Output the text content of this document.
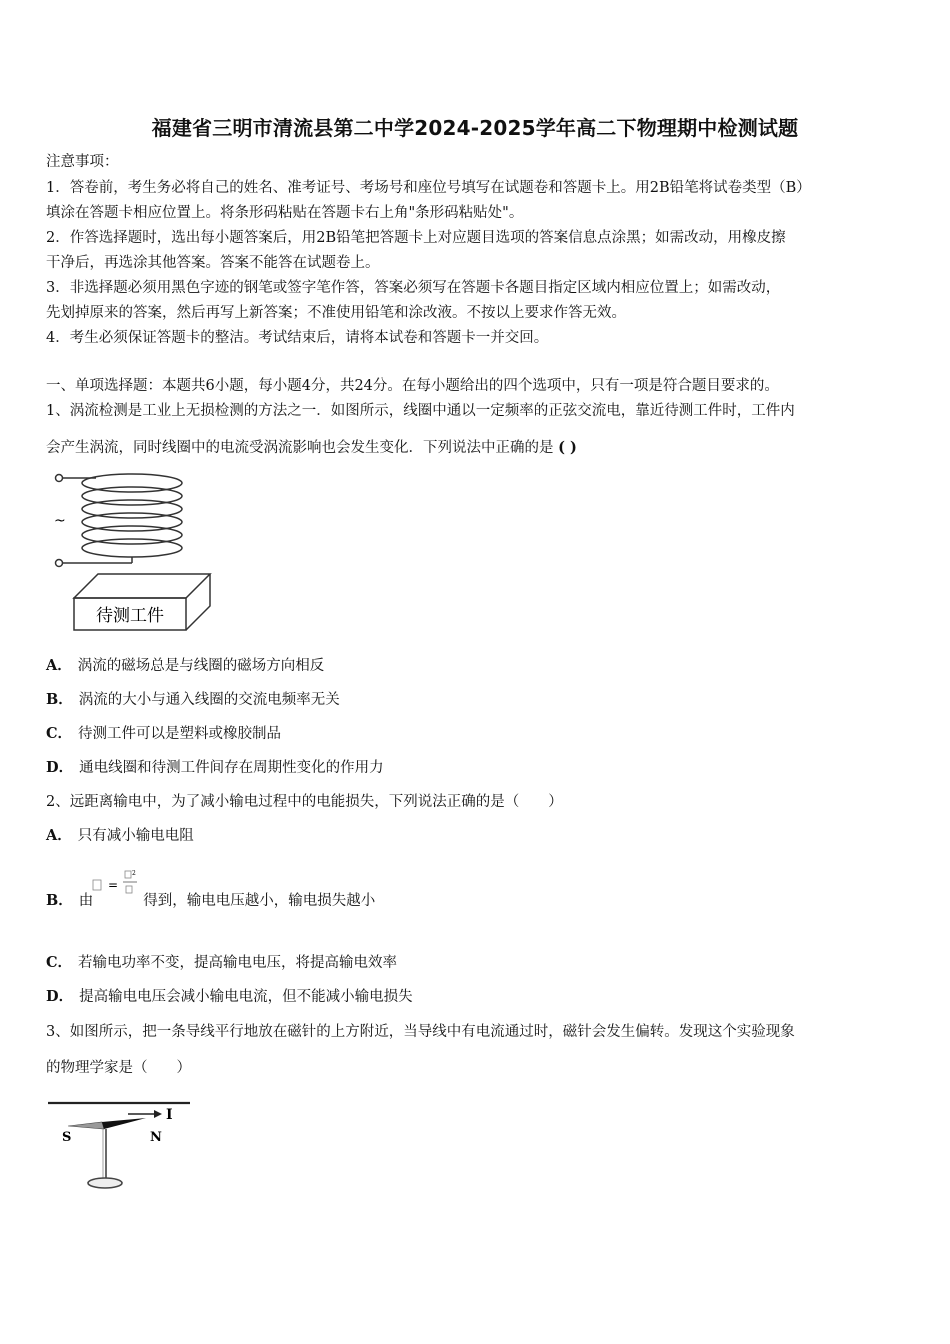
福建省三明市清流县第二中学2024-2025学年高二下物理期中检测试题
注意事项：
1．答卷前，考生务必将自己的姓名、准考证号、考场号和座位号填写在试题卷和答题卡上。用2B铅笔将试卷类型（B）
填涂在答题卡相应位置上。将条形码粘贴在答题卡右上角"条形码粘贴处"。
2．作答选择题时，选出每小题答案后，用2B铅笔把答题卡上对应题目选项的答案信息点涂黑；如需改动，用橡皮擦
干净后，再选涂其他答案。答案不能答在试题卷上。
3．非选择题必须用黑色字迹的钢笔或签字笔作答，答案必须写在答题卡各题目指定区域内相应位置上；如需改动，
先划掉原来的答案，然后再写上新答案；不准使用铅笔和涂改液。不按以上要求作答无效。
4．考生必须保证答题卡的整洁。考试结束后，请将本试卷和答题卡一并交回。
一、单项选择题：本题共6小题，每小题4分，共24分。在每小题给出的四个选项中，只有一项是符合题目要求的。
1、涡流检测是工业上无损检测的方法之一．如图所示，线圈中通以一定频率的正弦交流电，靠近待测工件时，工件内
会产生涡流，同时线圈中的电流受涡流影响也会发生变化．下列说法中正确的是 ( )
~
待测工件
A． 涡流的磁场总是与线圈的磁场方向相反
B． 涡流的大小与通入线圈的交流电频率无关
C． 待测工件可以是塑料或橡胶制品
D． 通电线圈和待测工件间存在周期性变化的作用力
2、远距离输电中，为了减小输电过程中的电能损失，下列说法正确的是（　　）
A． 只有减小输电电阻
=
2
B． 由	得到，输电电压越小，输电损失越小
C． 若输电功率不变，提高输电电压，将提高输电效率
D． 提高输电电压会减小输电电流，但不能减小输电损失
3、如图所示，把一条导线平行地放在磁针的上方附近，当导线中有电流通过时，磁针会发生偏转。发现这个实验现象
的物理学家是（　　）
I
S	N
